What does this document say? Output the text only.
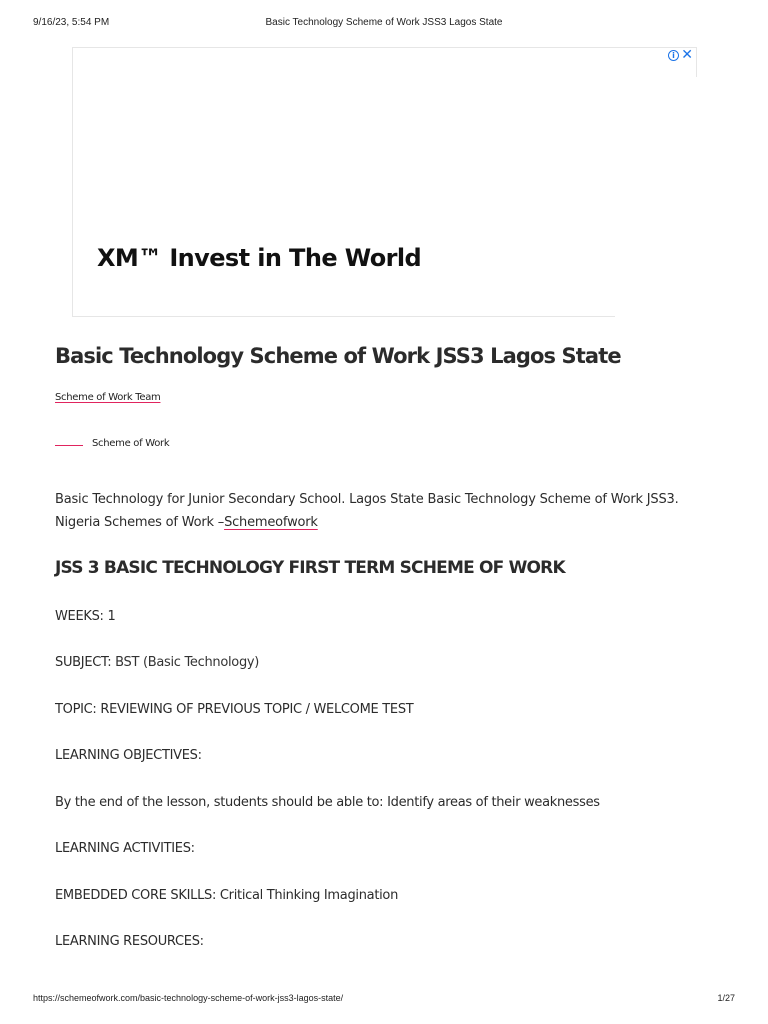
9/16/23, 5:54 PM	Basic Technology Scheme of Work JSS3 Lagos State
XM™ Invest in The World
i ✕
Basic Technology Scheme of Work JSS3 Lagos State
Scheme of Work Team
Scheme of Work
Basic Technology for Junior Secondary School. Lagos State Basic Technology Scheme of Work JSS3. Nigeria Schemes of Work –Schemeofwork
JSS 3 BASIC TECHNOLOGY FIRST TERM SCHEME OF WORK
WEEKS: 1
SUBJECT: BST (Basic Technology)
TOPIC: REVIEWING OF PREVIOUS TOPIC / WELCOME TEST
LEARNING OBJECTIVES:
By the end of the lesson, students should be able to: Identify areas of their weaknesses
LEARNING ACTIVITIES:
EMBEDDED CORE SKILLS: Critical Thinking Imagination
LEARNING RESOURCES:
https://schemeofwork.com/basic-technology-scheme-of-work-jss3-lagos-state/	1/27
